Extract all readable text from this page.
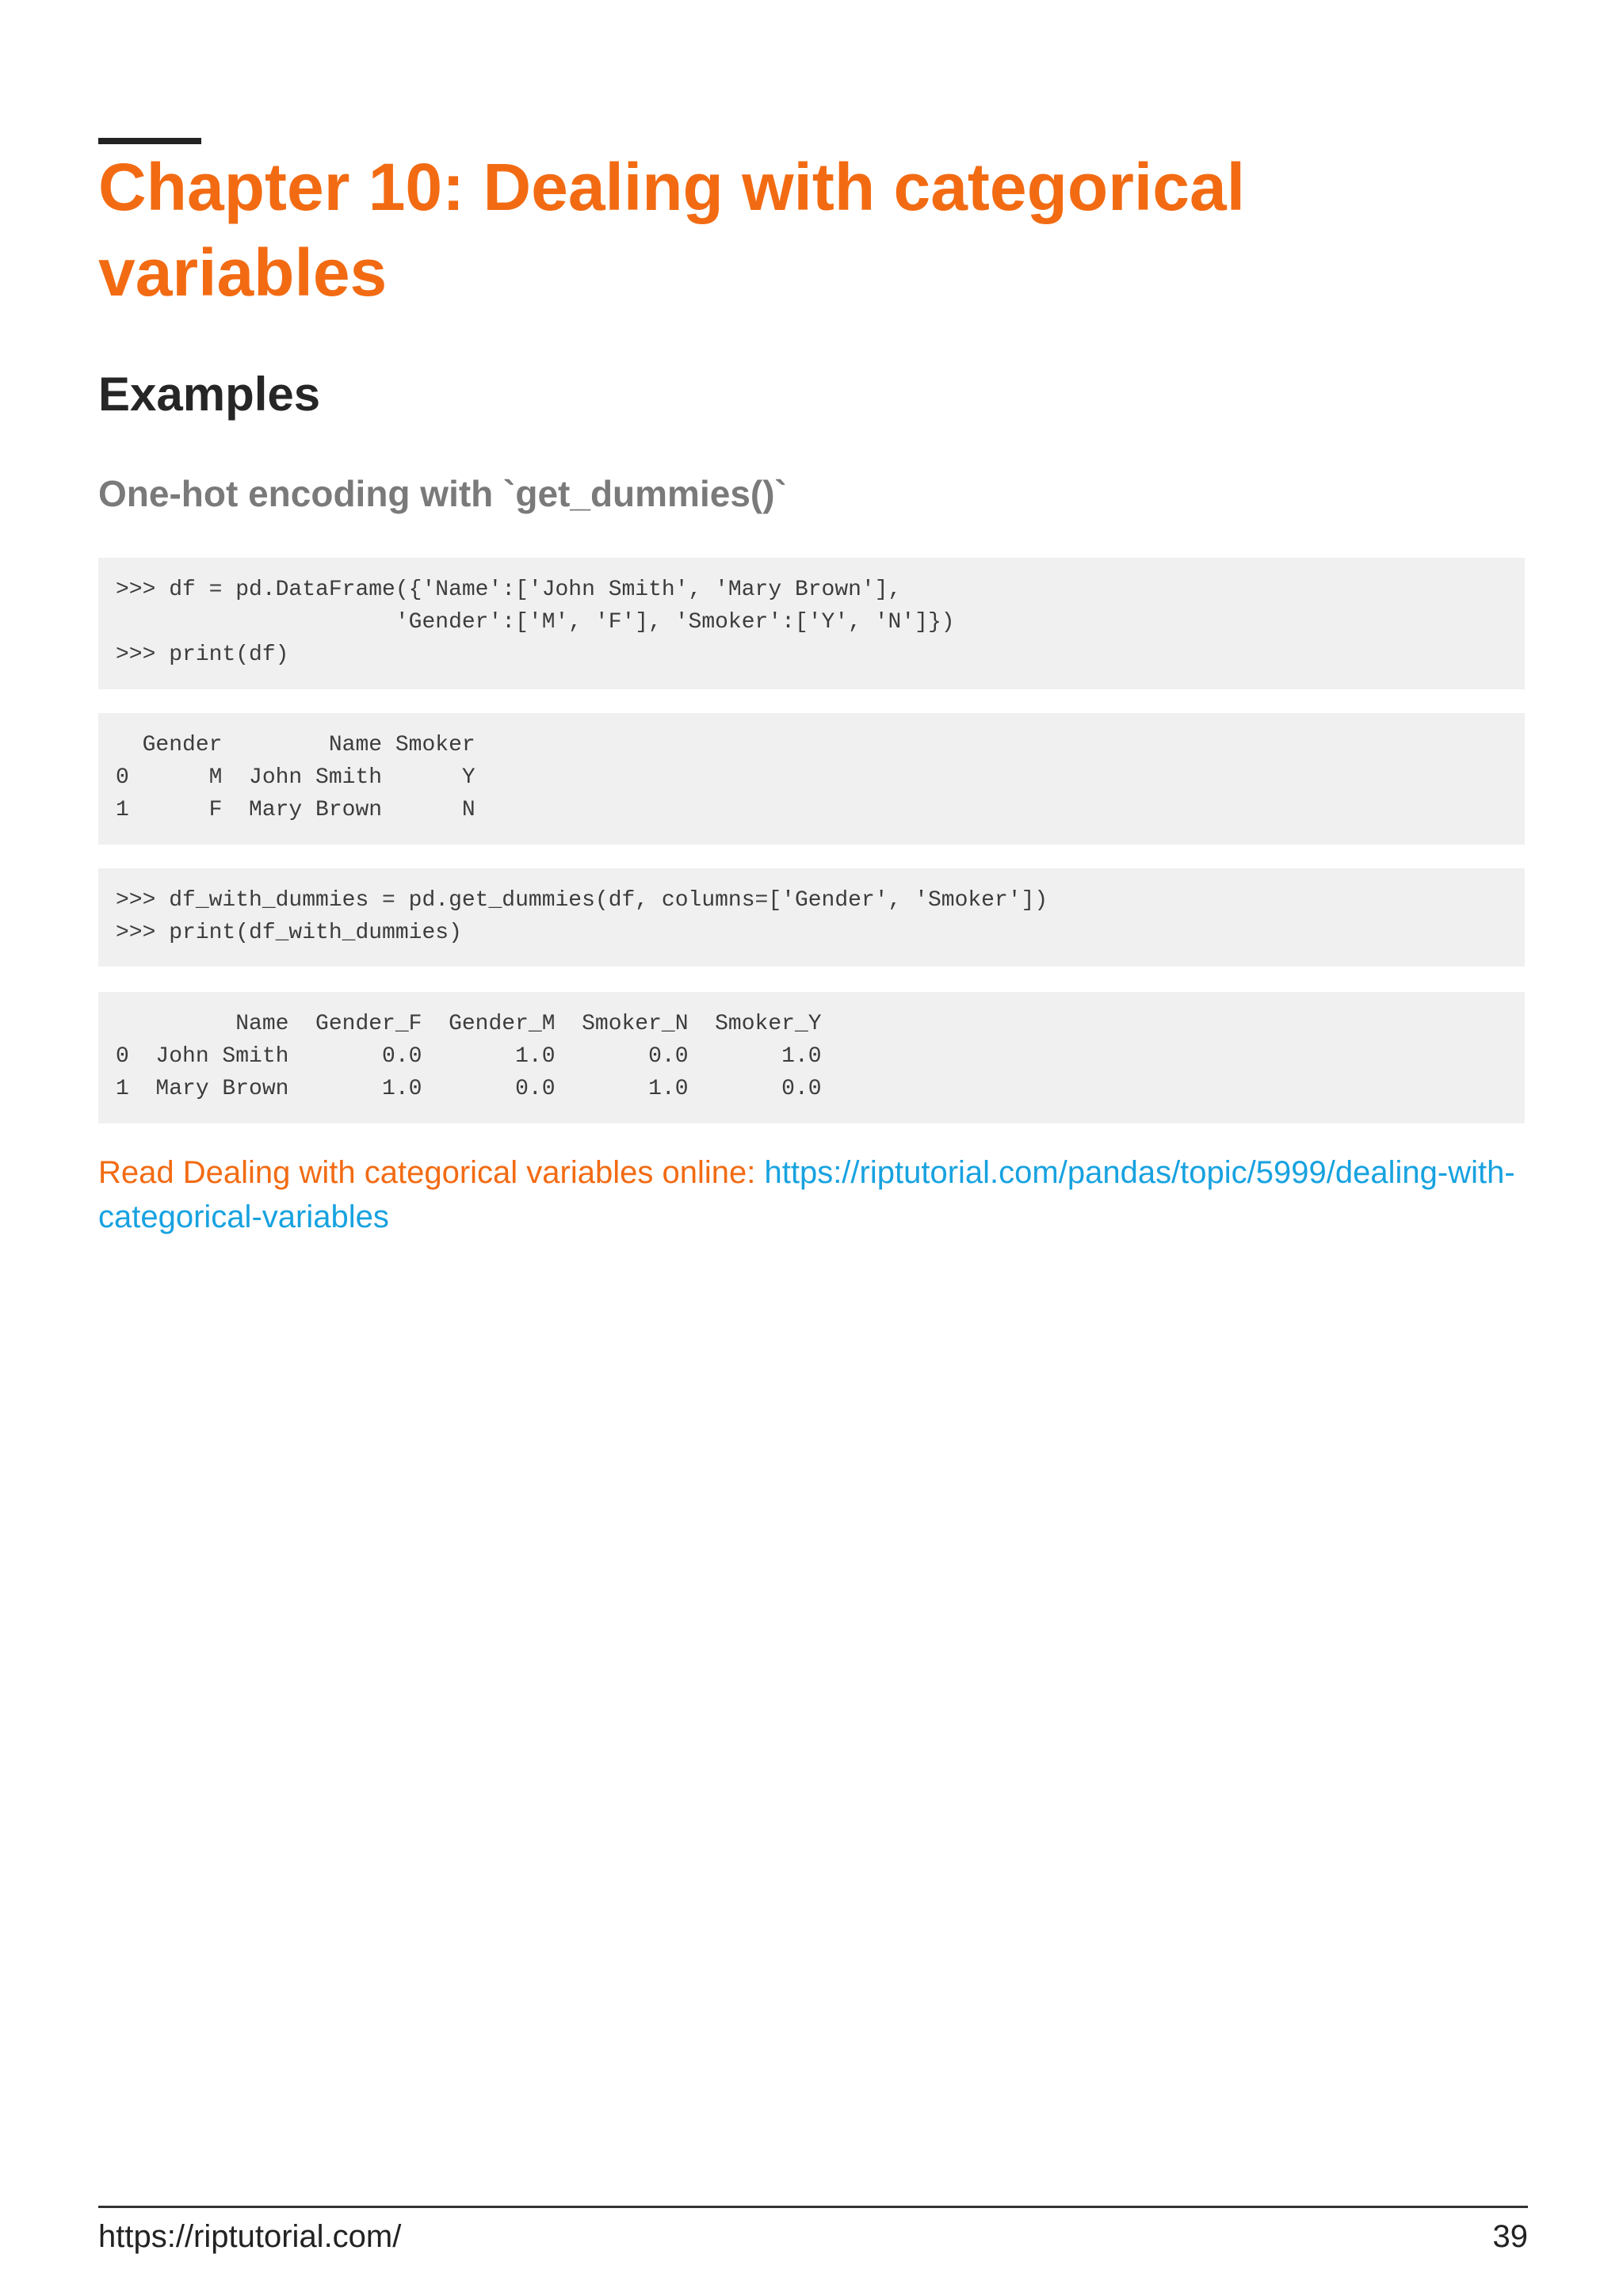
Chapter 10: Dealing with categorical variables
Examples
One-hot encoding with `get_dummies()`
>>> df = pd.DataFrame({'Name':['John Smith', 'Mary Brown'],
'Gender':['M', 'F'], 'Smoker':['Y', 'N']})
>>> print(df)
Gender        Name Smoker
0      M  John Smith      Y
1      F  Mary Brown      N
>>> df_with_dummies = pd.get_dummies(df, columns=['Gender', 'Smoker'])
>>> print(df_with_dummies)
Name  Gender_F  Gender_M  Smoker_N  Smoker_Y
0  John Smith       0.0       1.0       0.0       1.0
1  Mary Brown       1.0       0.0       1.0       0.0

Read Dealing with categorical variables online: https://riptutorial.com/pandas/topic/5999/dealing-with-categorical-variables

https://riptutorial.com/	39
